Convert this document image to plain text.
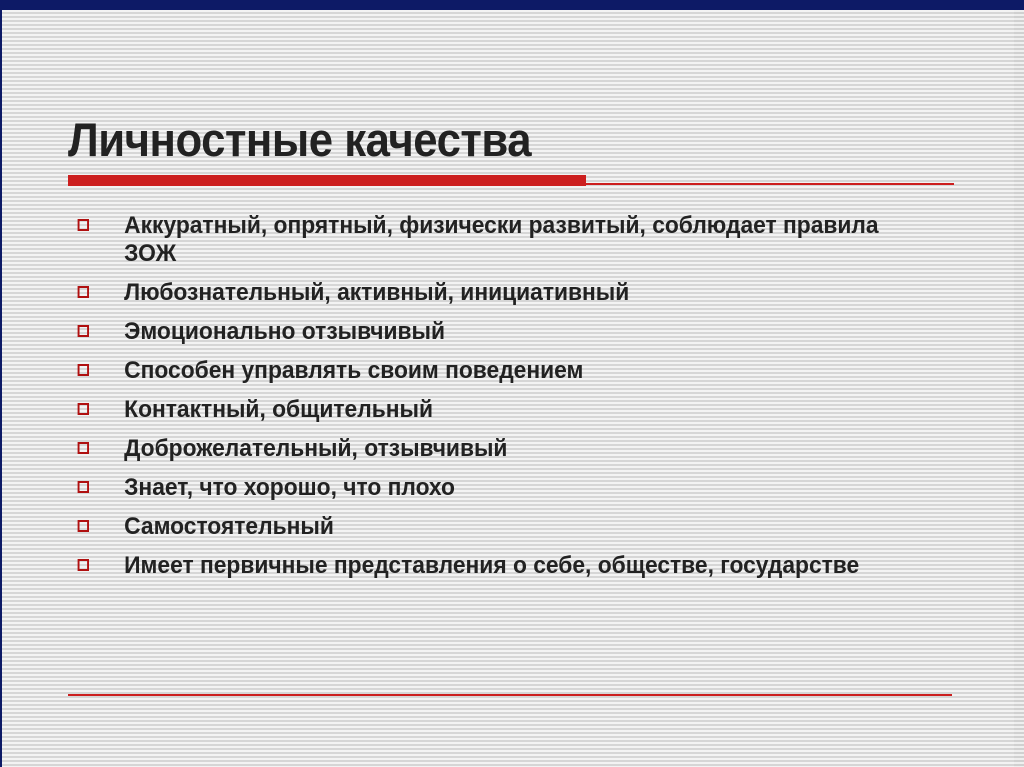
Личностные качества
Аккуратный, опрятный, физически развитый, соблюдает правила ЗОЖ
Любознательный, активный, инициативный
Эмоционально отзывчивый
Способен управлять своим поведением
Контактный, общительный
Доброжелательный, отзывчивый
Знает, что хорошо, что плохо
Самостоятельный
Имеет первичные представления о себе, обществе, государстве
